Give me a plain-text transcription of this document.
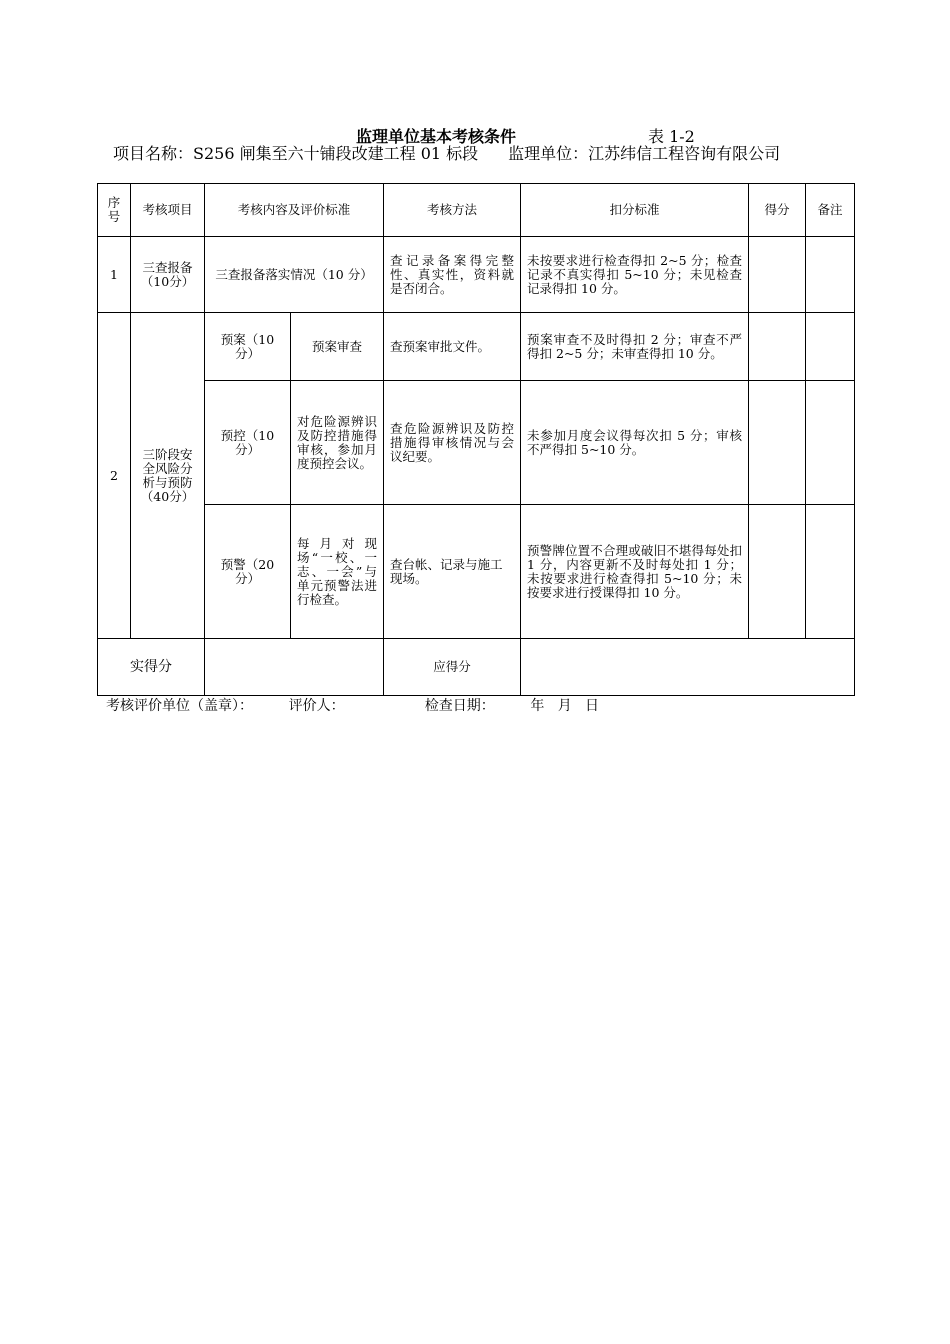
监理单位基本考核条件	表 1-2
项目名称：S256 闸集至六十铺段改建工程 01 标段 监理单位：江苏纬信工程咨询有限公司
序号	考核项目	考核内容及评价标准		考核方法	扣分标准	得分	备注
1	三查报备（10分）	三查报备落实情况（10 分）		查记录备案得完整性、真实性，资料就是否闭合。	未按要求进行检查得扣 2~5 分；检查记录不真实得扣 5~10 分；未见检查记录得扣 10 分。		
2	三阶段安全风险分析与预防（40分）	预案（10 分）	预案审查	查预案审批文件。	预案审查不及时得扣 2 分；审查不严得扣 2~5 分；未审查得扣 10 分。		
		预控（10 分）	对危险源辨识及防控措施得审核，参加月度预控会议。	查危险源辨识及防控措施得审核情况与会议纪要。	未参加月度会议得每次扣 5 分；审核不严得扣 5~10 分。		
		预警（20 分）	每月对现场“一校、一志、一会”与单元预警法进行检查。	查台帐、记录与施工现场。	预警牌位置不合理或破旧不堪得每处扣 1 分，内容更新不及时每处扣 1 分；未按要求进行检查得扣 5~10 分；未按要求进行授课得扣 10 分。		
实得分				应得分			
考核评价单位（盖章）：	评价人：	检查日期：	年 月 日
